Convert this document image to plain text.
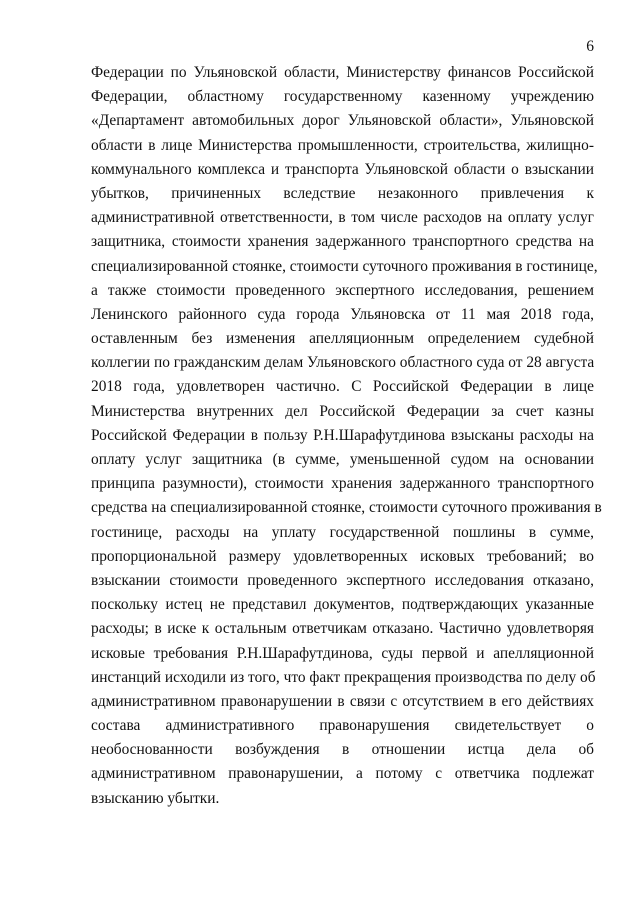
6
Федерации по Ульяновской области, Министерству финансов Российской
Федерации, областному государственному казенному учреждению
«Департамент автомобильных дорог Ульяновской области», Ульяновской
области в лице Министерства промышленности, строительства, жилищно-
коммунального комплекса и транспорта Ульяновской области о взыскании
убытков, причиненных вследствие незаконного привлечения к
административной ответственности, в том числе расходов на оплату услуг
защитника, стоимости хранения задержанного транспортного средства на
специализированной стоянке, стоимости суточного проживания в гостинице,
а также стоимости проведенного экспертного исследования, решением
Ленинского районного суда города Ульяновска от 11 мая 2018 года,
оставленным без изменения апелляционным определением судебной
коллегии по гражданским делам Ульяновского областного суда от 28 августа
2018 года, удовлетворен частично. С Российской Федерации в лице
Министерства внутренних дел Российской Федерации за счет казны
Российской Федерации в пользу Р.Н.Шарафутдинова взысканы расходы на
оплату услуг защитника (в сумме, уменьшенной судом на основании
принципа разумности), стоимости хранения задержанного транспортного
средства на специализированной стоянке, стоимости суточного проживания в
гостинице, расходы на уплату государственной пошлины в сумме,
пропорциональной размеру удовлетворенных исковых требований; во
взыскании стоимости проведенного экспертного исследования отказано,
поскольку истец не представил документов, подтверждающих указанные
расходы; в иске к остальным ответчикам отказано. Частично удовлетворяя
исковые требования Р.Н.Шарафутдинова, суды первой и апелляционной
инстанций исходили из того, что факт прекращения производства по делу об
административном правонарушении в связи с отсутствием в его действиях
состава административного правонарушения свидетельствует о
необоснованности возбуждения в отношении истца дела об
административном правонарушении, а потому с ответчика подлежат
взысканию убытки.
